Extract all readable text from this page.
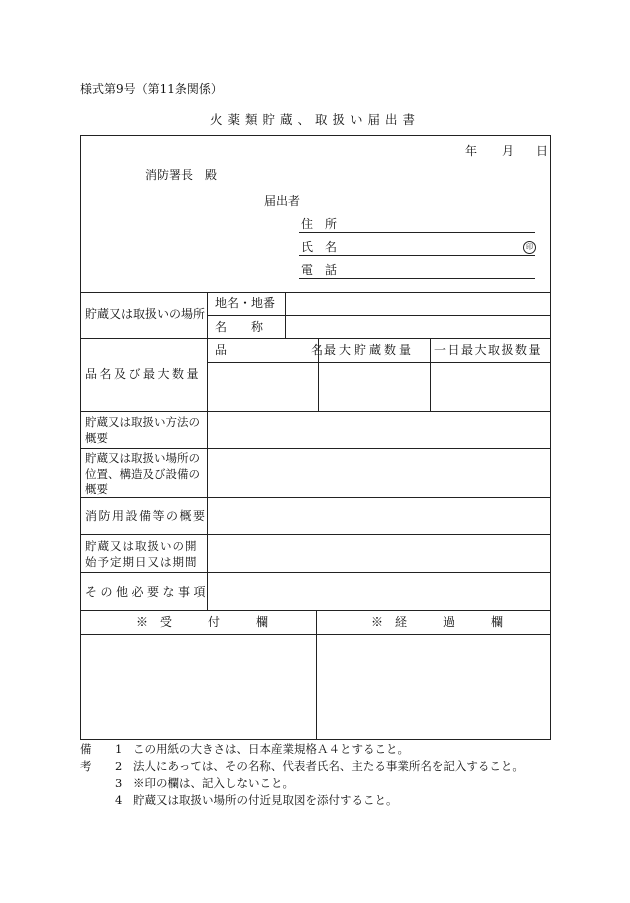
様式第9号（第11条関係）
火薬類貯蔵、取扱い届出書
年 月 日
消防署長　殿
届出者
住　所
氏　名	印
電　話
貯蔵又は取扱いの場所
地名・地番
名　　称
品名及び最大数量
品　　　　　　　名 最大貯蔵数量 一日最大取扱数量
貯蔵又は取扱い方法の概要
貯蔵又は取扱い場所の位置、構造及び設備の概要
消防用設備等の概要
貯蔵又は取扱いの開始予定期日又は期間
その他必要な事項
※　受　　　付　　　欄	※　経　　　過　　　欄
備考
1 この用紙の大きさは、日本産業規格Ａ４とすること。
2 法人にあっては、その名称、代表者氏名、主たる事業所名を記入すること。
3 ※印の欄は、記入しないこと。
4 貯蔵又は取扱い場所の付近見取図を添付すること。
